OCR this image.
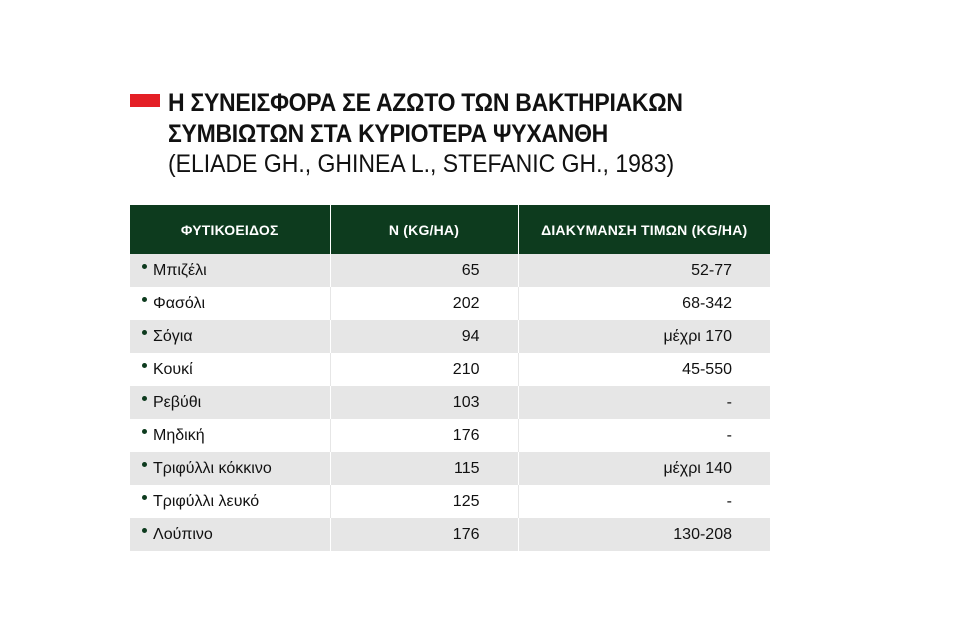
Η ΣΥΝΕΙΣΦΟΡΑ ΣΕ ΑΖΩΤΟ ΤΩΝ ΒΑΚΤΗΡΙΑΚΩΝ
ΣΥΜΒΙΩΤΩΝ ΣΤΑ ΚΥΡΙΟΤΕΡΑ ΨΥΧΑΝΘΗ
(ELIADE GH., GHINEA L., STEFANIC GH., 1983)
ΦΥΤΙΚΟΕΙΔΟΣ	Ν (KG/HA)	ΔΙΑΚΥΜΑΝΣΗ ΤΙΜΩΝ (KG/HA)
Μπιζέλι	65	52-77
Φασόλι	202	68-342
Σόγια	94	μέχρι 170
Κουκί	210	45-550
Ρεβύθι	103	-
Μηδική	176	-
Τριφύλλι κόκκινο	115	μέχρι 140
Τριφύλλι λευκό	125	-
Λούπινο	176	130-208
